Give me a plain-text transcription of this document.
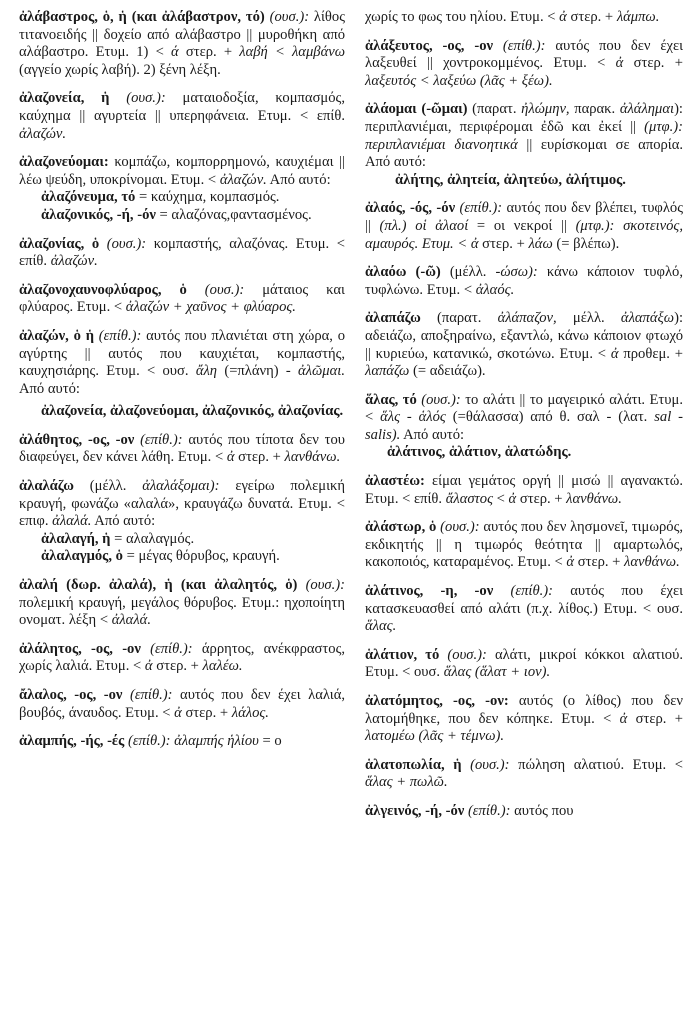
ἀλάβαστρος, ὁ, ἡ (και ἀλάβαστρον, τό) (ουσ.): λίθος τιτανοειδής || δοχείο από αλάβαστρο || μυροθήκη από αλάβαστρο. Ετυμ. 1) < ά στερ. + λαβή < λαμβάνω (αγγείο χωρίς λαβή). 2) ξένη λέξη.

ἀλαζονεία, ἡ (ουσ.): ματαιοδοξία, κομπασμός, καύχημα || αγυρτεία || υπερηφάνεια. Ετυμ. < επίθ. ἀλαζών.

ἀλαζονεύομαι: κομπάζω, κομπορρημονώ, καυχιέμαι || λέω ψεύδη, υποκρίνομαι. Ετυμ. < ἀλαζών. Από αυτό:

ἀλαζόνευμα, τό = καύχημα, κομπασμός.
ἀλαζονικός, -ή, -όν = αλαζόνας,φαντασμένος.

ἀλαζονίας, ὁ (ουσ.): κομπαστής, αλαζόνας. Ετυμ. < επίθ. ἀλαζών.

ἀλαζονοχαυνοφλύαρος, ὁ (ουσ.): μάταιος και φλύαρος. Ετυμ. < ἀλαζών + χαῦνος + φλύαρος.

ἀλαζών, ὁ ἡ (επίθ.): αυτός που πλανιέται στη χώρα, ο αγύρτης || αυτός που καυχιέται, κομπαστής, καυχησιάρης. Ετυμ. < ουσ. ἄλη (=πλάνη) - ἀλῶμαι. Από αυτό:

ἀλαζονεία, ἀλαζονεύομαι, ἀλαζονικός, ἀλαζονίας.

ἀλάθητος, -ος, -ον (επίθ.): αυτός που τίποτα δεν του διαφεύγει, δεν κάνει λάθη. Ετυμ. < ἀ στερ. + λανθάνω.

ἀλαλάζω (μέλλ. ἀλαλάξομαι): εγείρω πολεμική κραυγή, φωνάζω «αλαλά», κραυγάζω δυνατά. Ετυμ. < επιφ. ἀλαλά. Από αυτό:

ἀλαλαγή, ἡ = αλαλαγμός.
ἀλαλαγμός, ὁ = μέγας θόρυβος, κραυγή.

ἀλαλή (δωρ. ἀλαλά), ἡ (και ἀλαλητός, ὁ) (ουσ.): πολεμική κραυγή, μεγάλος θόρυβος. Ετυμ.: ηχοποίητη ονοματ. λέξη < ἀλαλά.

ἀλάλητος, -ος, -ον (επίθ.): άρρητος, ανέκφραστος, χωρίς λαλιά. Ετυμ. < ἀ στερ. + λαλέω.

ἄλαλος, -ος, -ον (επίθ.): αυτός που δεν έχει λαλιά, βουβός, άναυδος. Ετυμ. < ἀ στερ. + λάλος.

ἀλαμπής, -ής, -ές (επίθ.): ἀλαμπής ἡλίου = ο

χωρίς το φως του ηλίου. Ετυμ. < ἀ στερ. + λάμπω.

ἀλάξευτος, -ος, -ον (επίθ.): αυτός που δεν έχει λαξευθεί || χοντροκομμένος. Ετυμ. < ἀ στερ. + λαξευτός < λαξεύω (λᾶς + ξέω).

ἀλάομαι (-ῶμαι) (παρατ. ἠλώμην, παρακ. ἀλάλημαι): περιπλανιέμαι, περιφέρομαι ἐδῶ και ἐκεί || (μτφ.): περιπλανιέμαι διανοητικά || ευρίσκομαι σε απορία. Από αυτό:

ἀλήτης, ἀλητεία, ἀλητεύω, ἀλήτιμος.

ἀλαός, -ός, -όν (επίθ.): αυτός που δεν βλέπει, τυφλός || (πλ.) οἱ ἀλαοί = οι νεκροί || (μτφ.): σκοτεινός, αμαυρός. Ετυμ. < ἀ στερ. + λάω (= βλέπω).

ἀλαόω (-ῶ) (μέλλ. -ώσω): κάνω κάποιον τυφλό, τυφλώνω. Ετυμ. < ἀλαός.

ἀλαπάζω (παρατ. ἀλάπαζον, μέλλ. ἀλαπάξω): αδειάζω, αποξηραίνω, εξαντλώ, κάνω κάποιον φτωχό || κυριεύω, κατανικώ, σκοτώνω. Ετυμ. < ἀ προθεμ. + λαπάζω (= αδειάζω).

ἅλας, τό (ουσ.): το αλάτι || το μαγειρικό αλάτι. Ετυμ. < ἅλς - ἁλός (=θάλασσα) από θ. σαλ - (λατ. sal - salis). Από αυτό:

ἁλάτινος, ἁλάτιον, ἁλατώδης.

ἀλαστέω: είμαι γεμάτος οργή || μισώ || αγανακτώ. Ετυμ. < επίθ. ἄλαστος < ἀ στερ. + λανθάνω.

ἀλάστωρ, ὁ (ουσ.): αυτός που δεν λησμονεῖ, τιμωρός, εκδικητής || η τιμωρός θεότητα || αμαρτωλός, κακοποιός, καταραμένος. Ετυμ. < ἀ στερ. + λανθάνω.

ἁλάτινος, -η, -ον (επίθ.): αυτός που έχει κατασκευασθεί από αλάτι (π.χ. λίθος.) Ετυμ. < ουσ. ἅλας.

ἁλάτιον, τό (ουσ.): αλάτι, μικροί κόκκοι αλατιού. Ετυμ. < ουσ. ἅλας (ἅλατ + ιον).

ἀλατόμητος, -ος, -ον: αυτός (ο λίθος) που δεν λατομήθηκε, που δεν κόπηκε. Ετυμ. < ἀ στερ. + λατομέω (λᾶς + τέμνω).

ἁλατοπωλία, ἡ (ουσ.): πώληση αλατιού. Ετυμ. < ἅλας + πωλῶ.

ἀλγεινός, -ή, -όν (επίθ.): αυτός που
